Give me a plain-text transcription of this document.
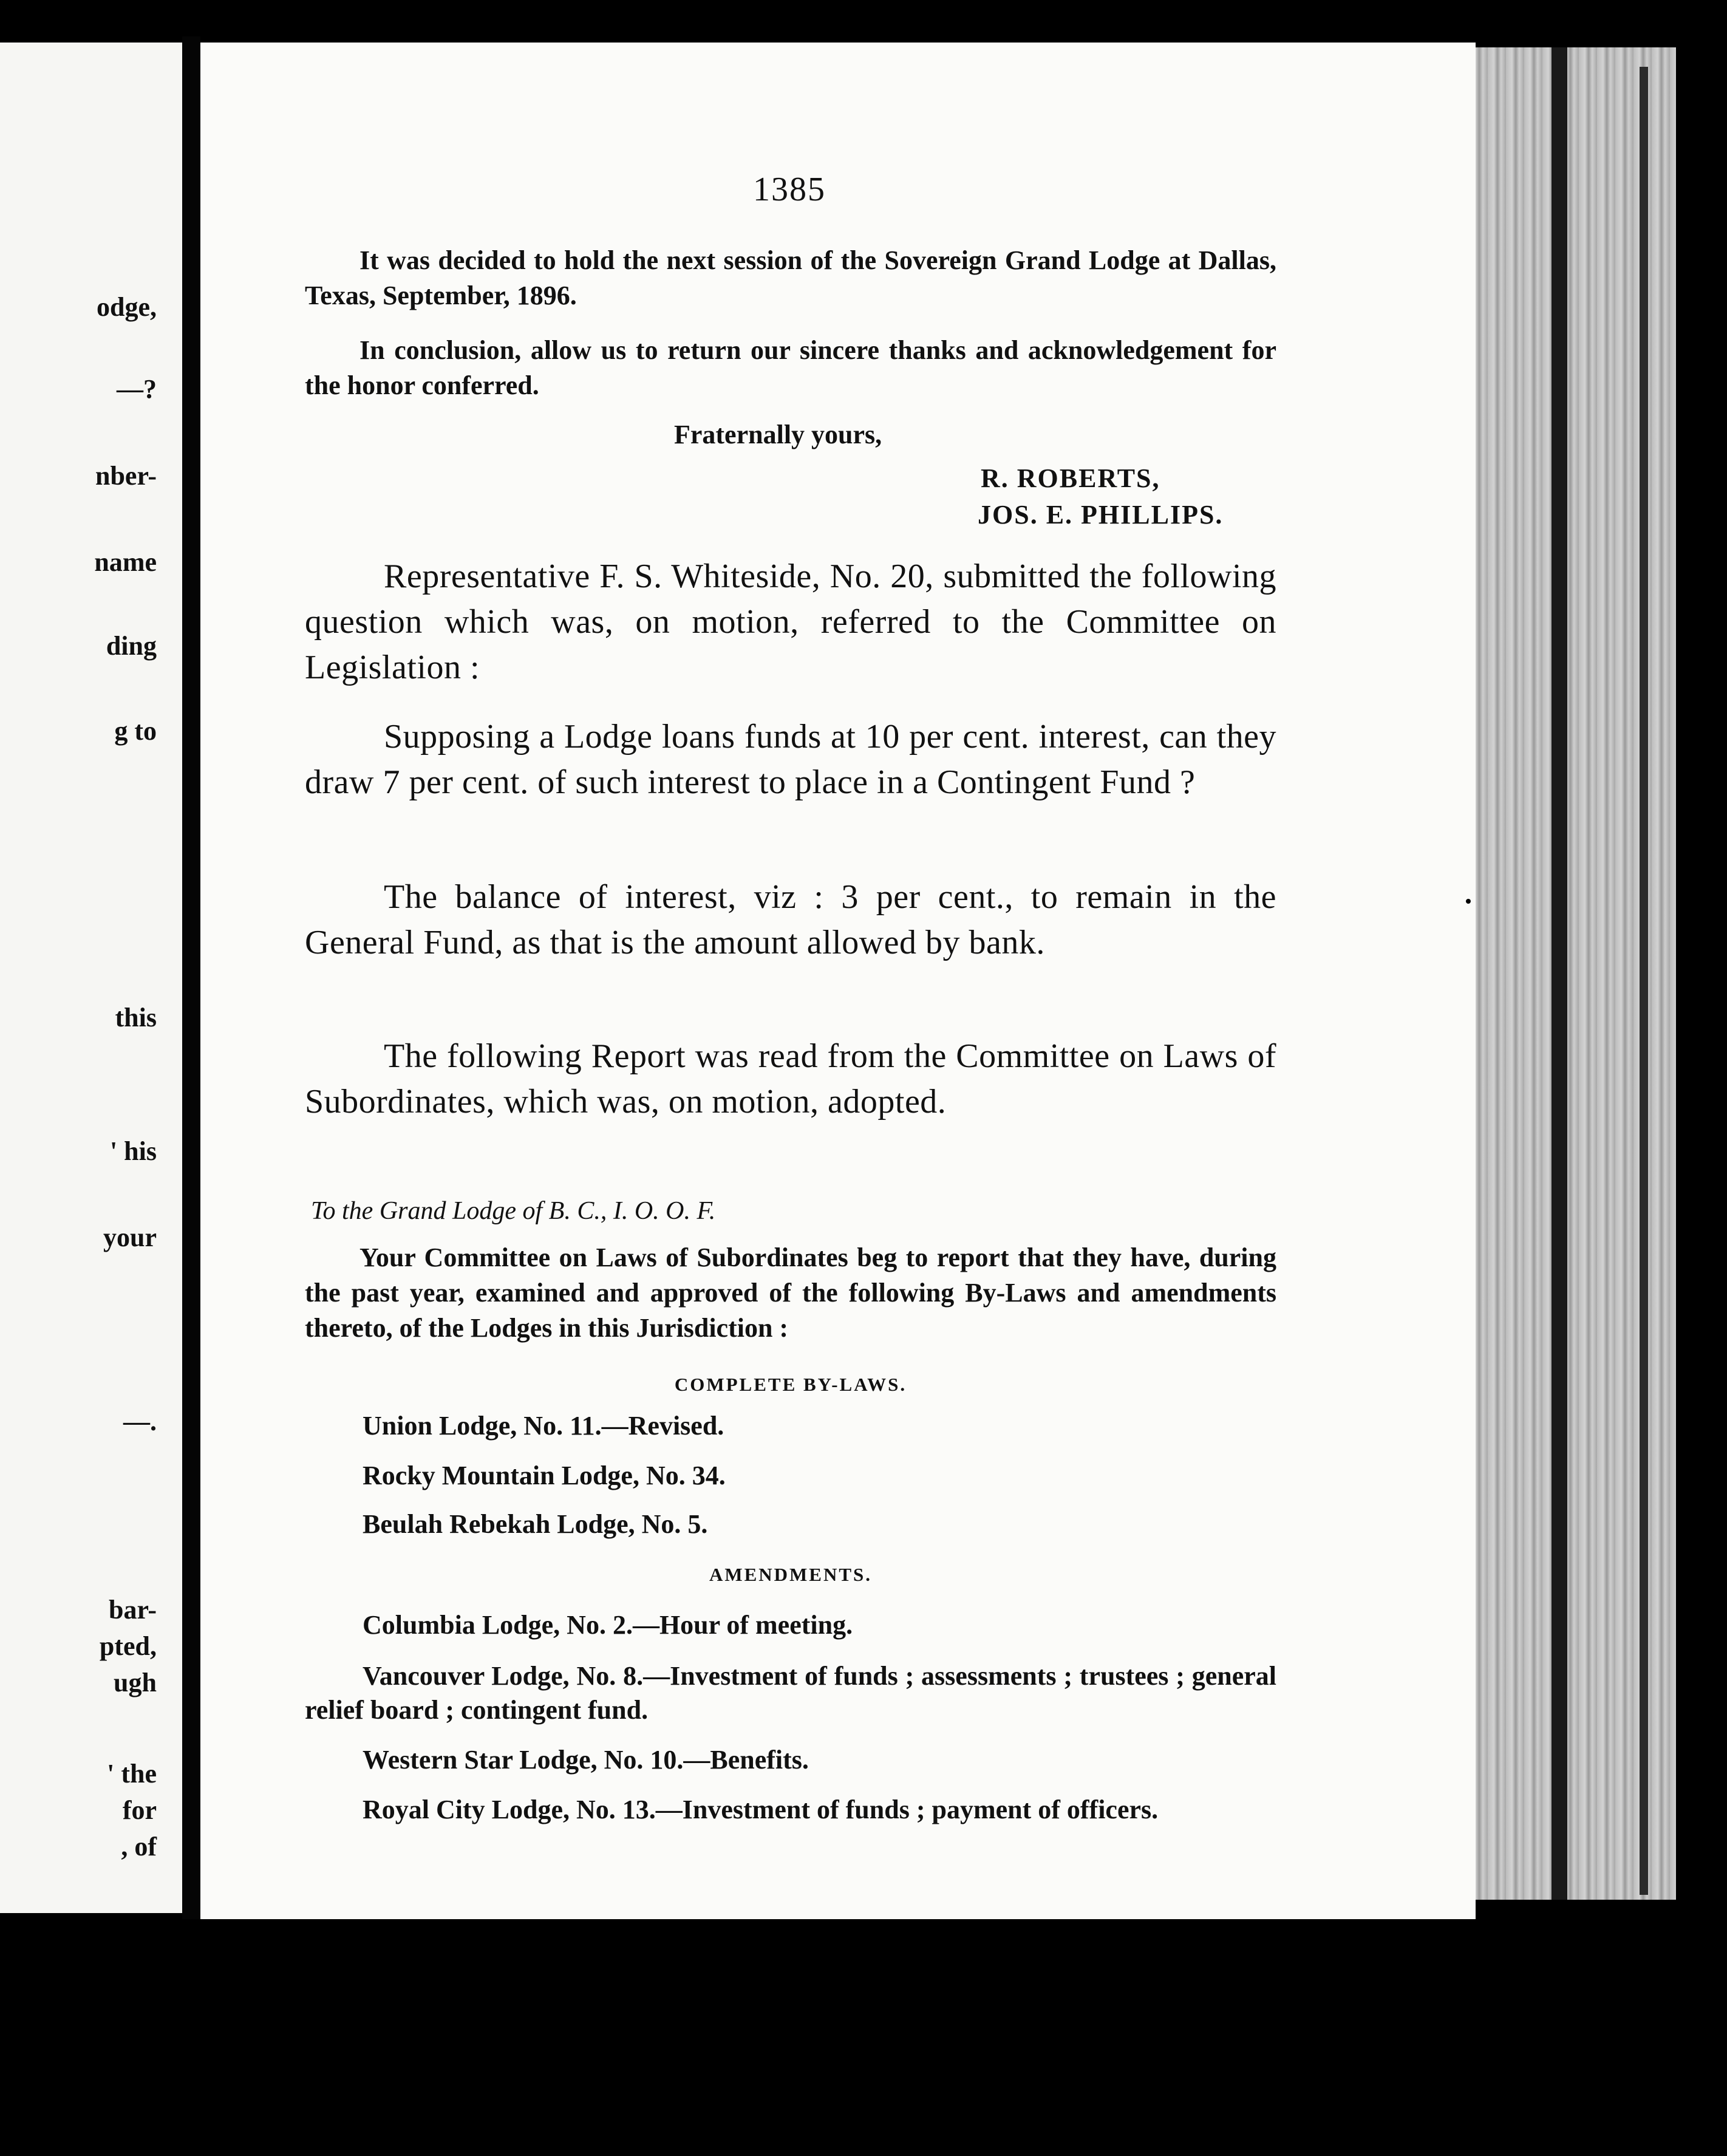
odge,
—?
nber-
name
ding
g to
this
' his
your
—.
bar-
pted,
ugh
' the
for
, of
1385
It was decided to hold the next session of the Sovereign Grand Lodge at Dallas, Texas, September, 1896.
In conclusion, allow us to return our sincere thanks and acknowledgement for the honor conferred.
Fraternally yours,
R. ROBERTS,
JOS. E. PHILLIPS.
Representative F. S. Whiteside, No. 20, submitted the following question which was, on motion, referred to the Committee on Legislation :
Supposing a Lodge loans funds at 10 per cent. interest, can they draw 7 per cent. of such interest to place in a Contingent Fund ?
The balance of interest, viz : 3 per cent., to remain in the General Fund, as that is the amount allowed by bank.
The following Report was read from the Committee on Laws of Subordinates, which was, on motion, adopted.
To the Grand Lodge of B. C., I. O. O. F.
Your Committee on Laws of Subordinates beg to report that they have, during the past year, examined and approved of the following By-Laws and amendments thereto, of the Lodges in this Jurisdiction :
COMPLETE BY-LAWS.
Union Lodge, No. 11.—Revised.
Rocky Mountain Lodge, No. 34.
Beulah Rebekah Lodge, No. 5.
AMENDMENTS.
Columbia Lodge, No. 2.—Hour of meeting.
Vancouver Lodge, No. 8.—Investment of funds ; assessments ; trustees ; general relief board ; contingent fund.
Western Star Lodge, No. 10.—Benefits.
Royal City Lodge, No. 13.—Investment of funds ; payment of officers.
